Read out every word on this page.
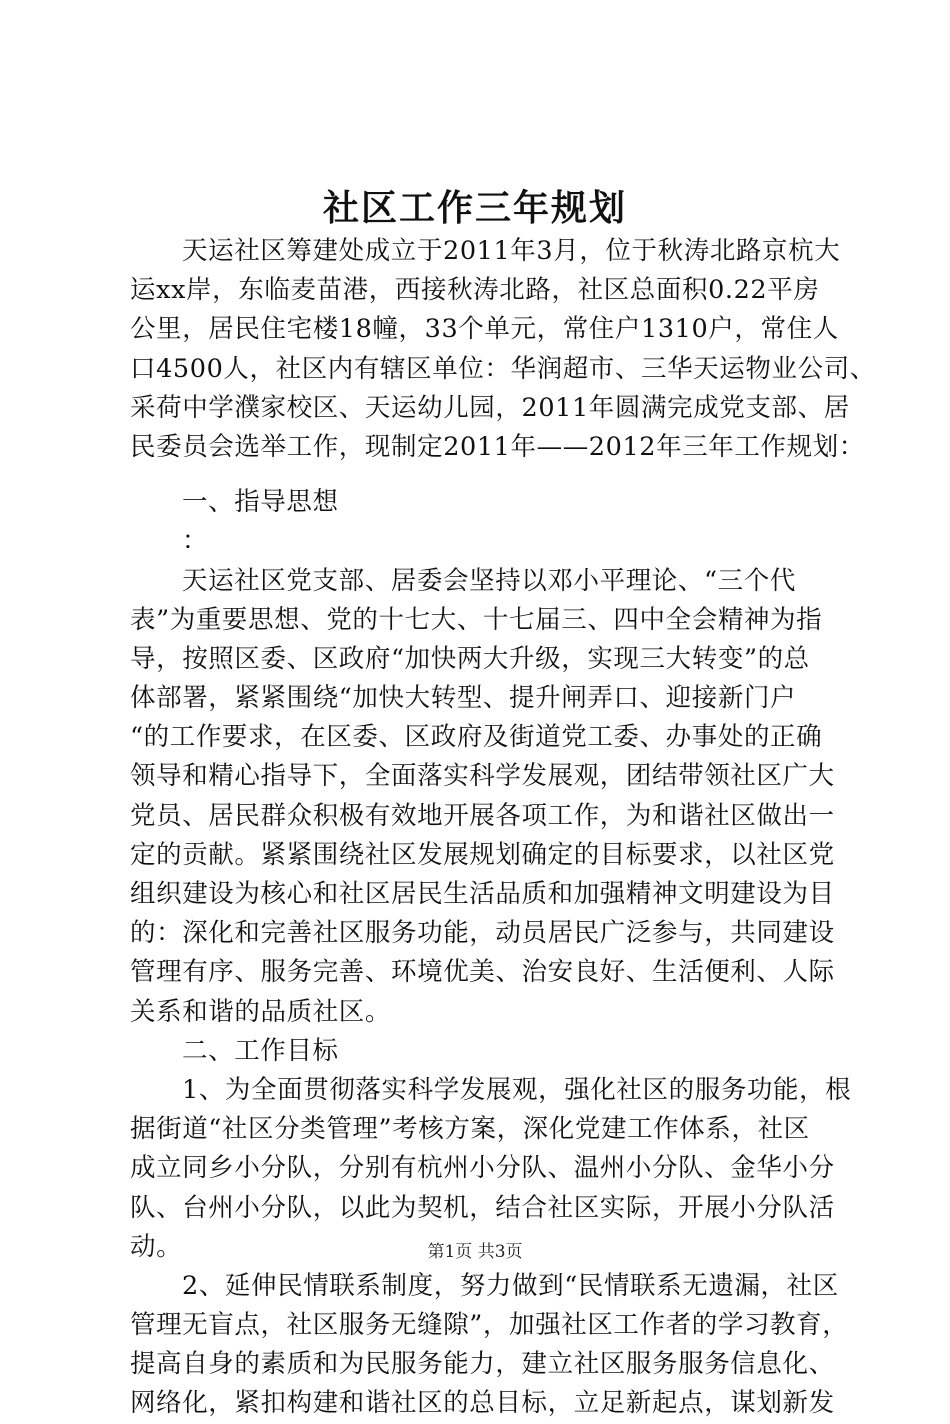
社区工作三年规划
天运社区筹建处成立于2011年3月，位于秋涛北路京杭大
运xx岸，东临麦苗港，西接秋涛北路，社区总面积0.22平房
公里，居民住宅楼18幢，33个单元，常住户1310户，常住人
口4500人，社区内有辖区单位：华润超市、三华天运物业公司、
采荷中学濮家校区、天运幼儿园，2011年圆满完成党支部、居
民委员会选举工作，现制定2011年——2012年三年工作规划：
一、指导思想
：
天运社区党支部、居委会坚持以邓小平理论、“三个代
表”为重要思想、党的十七大、十七届三、四中全会精神为指
导，按照区委、区政府“加快两大升级，实现三大转变”的总
体部署，紧紧围绕“加快大转型、提升闸弄口、迎接新门户
“的工作要求，在区委、区政府及街道党工委、办事处的正确
领导和精心指导下，全面落实科学发展观，团结带领社区广大
党员、居民群众积极有效地开展各项工作，为和谐社区做出一
定的贡献。紧紧围绕社区发展规划确定的目标要求，以社区党
组织建设为核心和社区居民生活品质和加强精神文明建设为目
的：深化和完善社区服务功能，动员居民广泛参与，共同建设
管理有序、服务完善、环境优美、治安良好、生活便利、人际
关系和谐的品质社区。
二、工作目标
1、为全面贯彻落实科学发展观，强化社区的服务功能，根
据街道“社区分类管理”考核方案，深化党建工作体系，社区
成立同乡小分队，分别有杭州小分队、温州小分队、金华小分
队、台州小分队，以此为契机，结合社区实际，开展小分队活
动。
2、延伸民情联系制度，努力做到“民情联系无遗漏，社区
管理无盲点，社区服务无缝隙”，加强社区工作者的学习教育，
提高自身的素质和为民服务能力，建立社区服务服务信息化、
网络化，紧扣构建和谐社区的总目标，立足新起点，谋划新发
第1页 共3页
